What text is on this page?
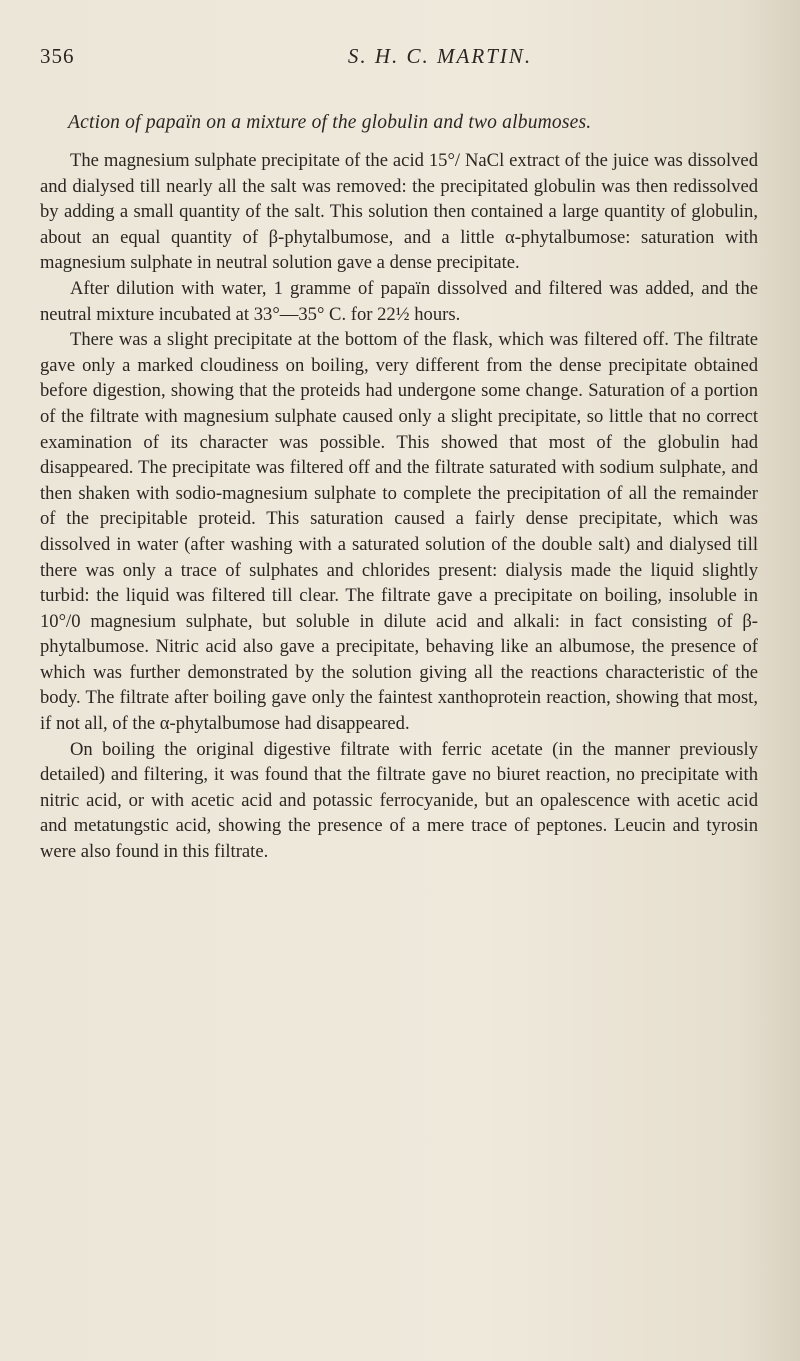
356	S. H. C. MARTIN.
Action of papaïn on a mixture of the globulin and two albumoses.

The magnesium sulphate precipitate of the acid 15°/ NaCl extract of the juice was dissolved and dialysed till nearly all the salt was removed: the precipitated globulin was then redissolved by adding a small quantity of the salt. This solution then contained a large quantity of globulin, about an equal quantity of β-phytalbumose, and a little α-phytalbumose: saturation with magnesium sulphate in neutral solution gave a dense precipitate.

After dilution with water, 1 gramme of papaïn dissolved and filtered was added, and the neutral mixture incubated at 33°—35° C. for 22½ hours.

There was a slight precipitate at the bottom of the flask, which was filtered off. The filtrate gave only a marked cloudiness on boiling, very different from the dense precipitate obtained before digestion, showing that the proteids had undergone some change. Saturation of a portion of the filtrate with magnesium sulphate caused only a slight precipitate, so little that no correct examination of its character was possible. This showed that most of the globulin had disappeared. The precipitate was filtered off and the filtrate saturated with sodium sulphate, and then shaken with sodio-magnesium sulphate to complete the precipitation of all the remainder of the precipitable proteid. This saturation caused a fairly dense precipitate, which was dissolved in water (after washing with a saturated solution of the double salt) and dialysed till there was only a trace of sulphates and chlorides present: dialysis made the liquid slightly turbid: the liquid was filtered till clear. The filtrate gave a precipitate on boiling, insoluble in 10°/0 magnesium sulphate, but soluble in dilute acid and alkali: in fact consisting of β-phytalbumose. Nitric acid also gave a precipitate, behaving like an albumose, the presence of which was further demonstrated by the solution giving all the reactions characteristic of the body. The filtrate after boiling gave only the faintest xanthoprotein reaction, showing that most, if not all, of the α-phytalbumose had disappeared.

On boiling the original digestive filtrate with ferric acetate (in the manner previously detailed) and filtering, it was found that the filtrate gave no biuret reaction, no precipitate with nitric acid, or with acetic acid and potassic ferrocyanide, but an opalescence with acetic acid and metatungstic acid, showing the presence of a mere trace of peptones. Leucin and tyrosin were also found in this filtrate.
